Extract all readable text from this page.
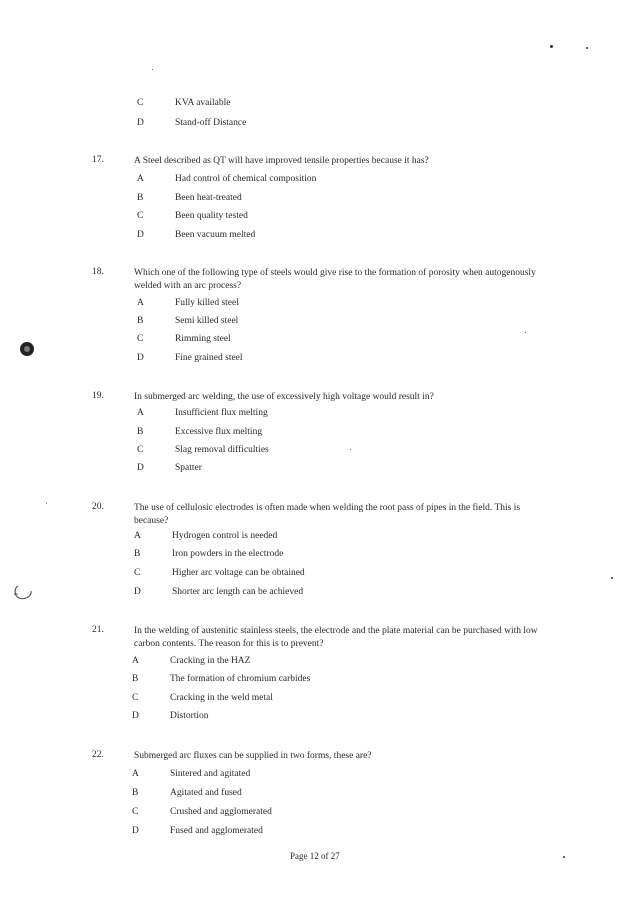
C	KVA available
D	Stand-off Distance
17.	A Steel described as QT will have improved tensile properties because it has?
A	Had control of chemical composition
B	Been heat-treated
C	Been quality tested
D	Been vacuum melted
18.	Which one of the following type of steels would give rise to the formation of porosity when autogenously welded with an arc process?
A	Fully killed steel
B	Semi killed steel
C	Rimming steel
D	Fine grained steel
19.	In submerged arc welding, the use of excessively high voltage would result in?
A	Insufficient flux melting
B	Excessive flux melting
C	Slag removal difficulties
D	Spatter
20.	The use of cellulosic electrodes is often made when welding the root pass of pipes in the field. This is because?
A	Hydrogen control is needed
B	Iron powders in the electrode
C	Higher arc voltage can be obtained
D	Shorter arc length can be achieved
21.	In the welding of austenitic stainless steels, the electrode and the plate material can be purchased with low carbon contents. The reason for this is to prevent?
A	Cracking in the HAZ
B	The formation of chromium carbides
C	Cracking in the weld metal
D	Distortion
22.	Submerged arc fluxes can be supplied in two forms, these are?
A	Sintered and agitated
B	Agitated and fused
C	Crushed and agglomerated
D	Fused and agglomerated
Page 12 of 27
